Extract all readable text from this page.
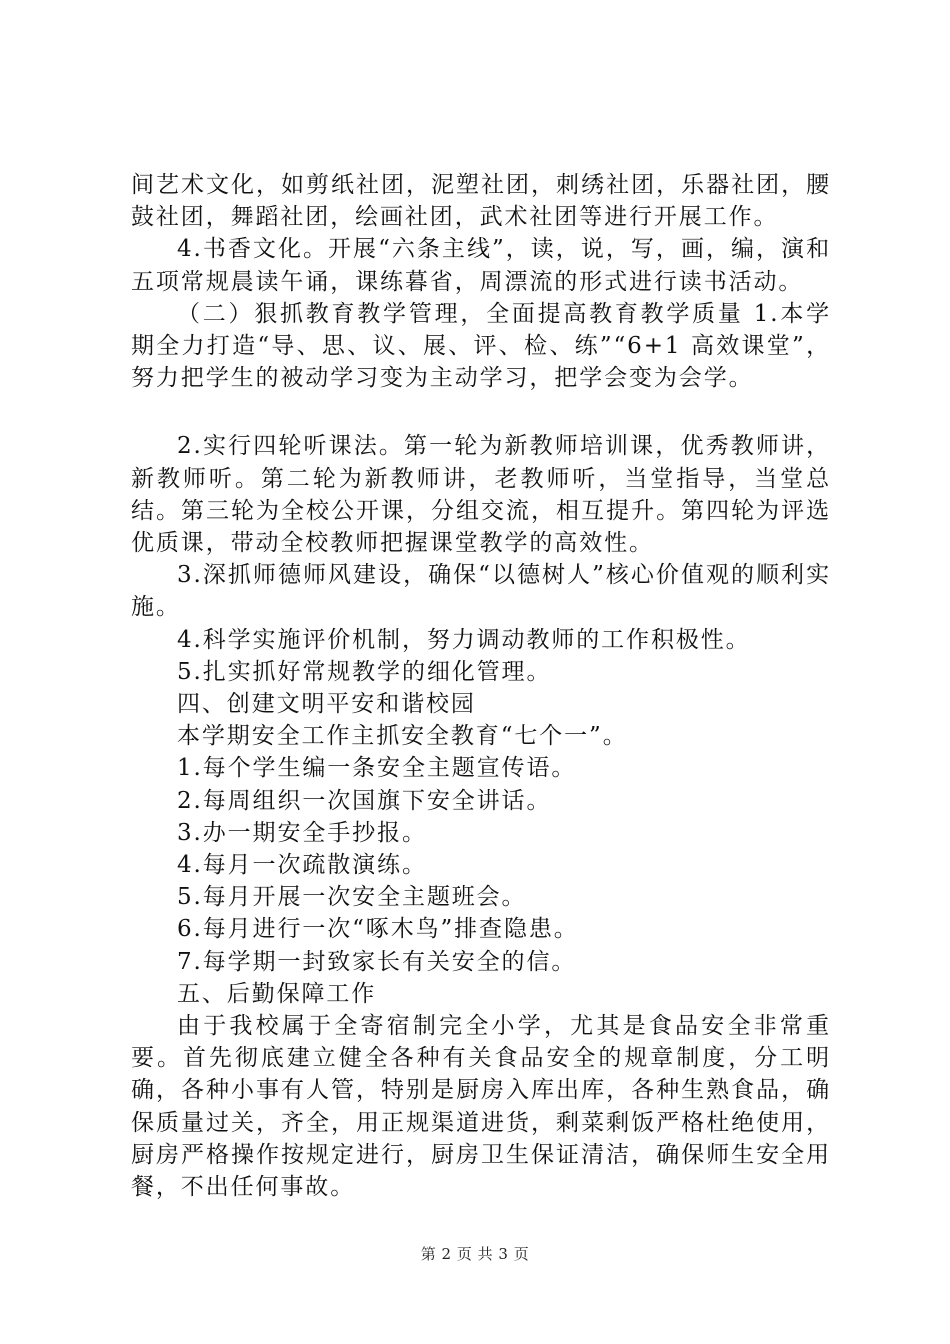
间艺术文化，如剪纸社团，泥塑社团，刺绣社团，乐器社团，腰鼓社团，舞蹈社团，绘画社团，武术社团等进行开展工作。

4.书香文化。开展“六条主线”，读，说，写，画，编，演和五项常规晨读午诵，课练暮省，周漂流的形式进行读书活动。

（二）狠抓教育教学管理，全面提高教育教学质量 1.本学期全力打造“导、思、议、展、评、检、练”“6+1 高效课堂”，努力把学生的被动学习变为主动学习，把学会变为会学。

2.实行四轮听课法。第一轮为新教师培训课，优秀教师讲，新教师听。第二轮为新教师讲，老教师听，当堂指导，当堂总结。第三轮为全校公开课，分组交流，相互提升。第四轮为评选优质课，带动全校教师把握课堂教学的高效性。

3.深抓师德师风建设，确保“以德树人”核心价值观的顺利实施。

4.科学实施评价机制，努力调动教师的工作积极性。

5.扎实抓好常规教学的细化管理。

四、创建文明平安和谐校园

本学期安全工作主抓安全教育“七个一”。

1.每个学生编一条安全主题宣传语。

2.每周组织一次国旗下安全讲话。

3.办一期安全手抄报。

4.每月一次疏散演练。

5.每月开展一次安全主题班会。

6.每月进行一次“啄木鸟”排查隐患。

7.每学期一封致家长有关安全的信。

五、后勤保障工作

由于我校属于全寄宿制完全小学，尤其是食品安全非常重要。首先彻底建立健全各种有关食品安全的规章制度，分工明确，各种小事有人管，特别是厨房入库出库，各种生熟食品，确保质量过关，齐全，用正规渠道进货，剩菜剩饭严格杜绝使用，厨房严格操作按规定进行，厨房卫生保证清洁，确保师生安全用餐，不出任何事故。

第 2 页 共 3 页
